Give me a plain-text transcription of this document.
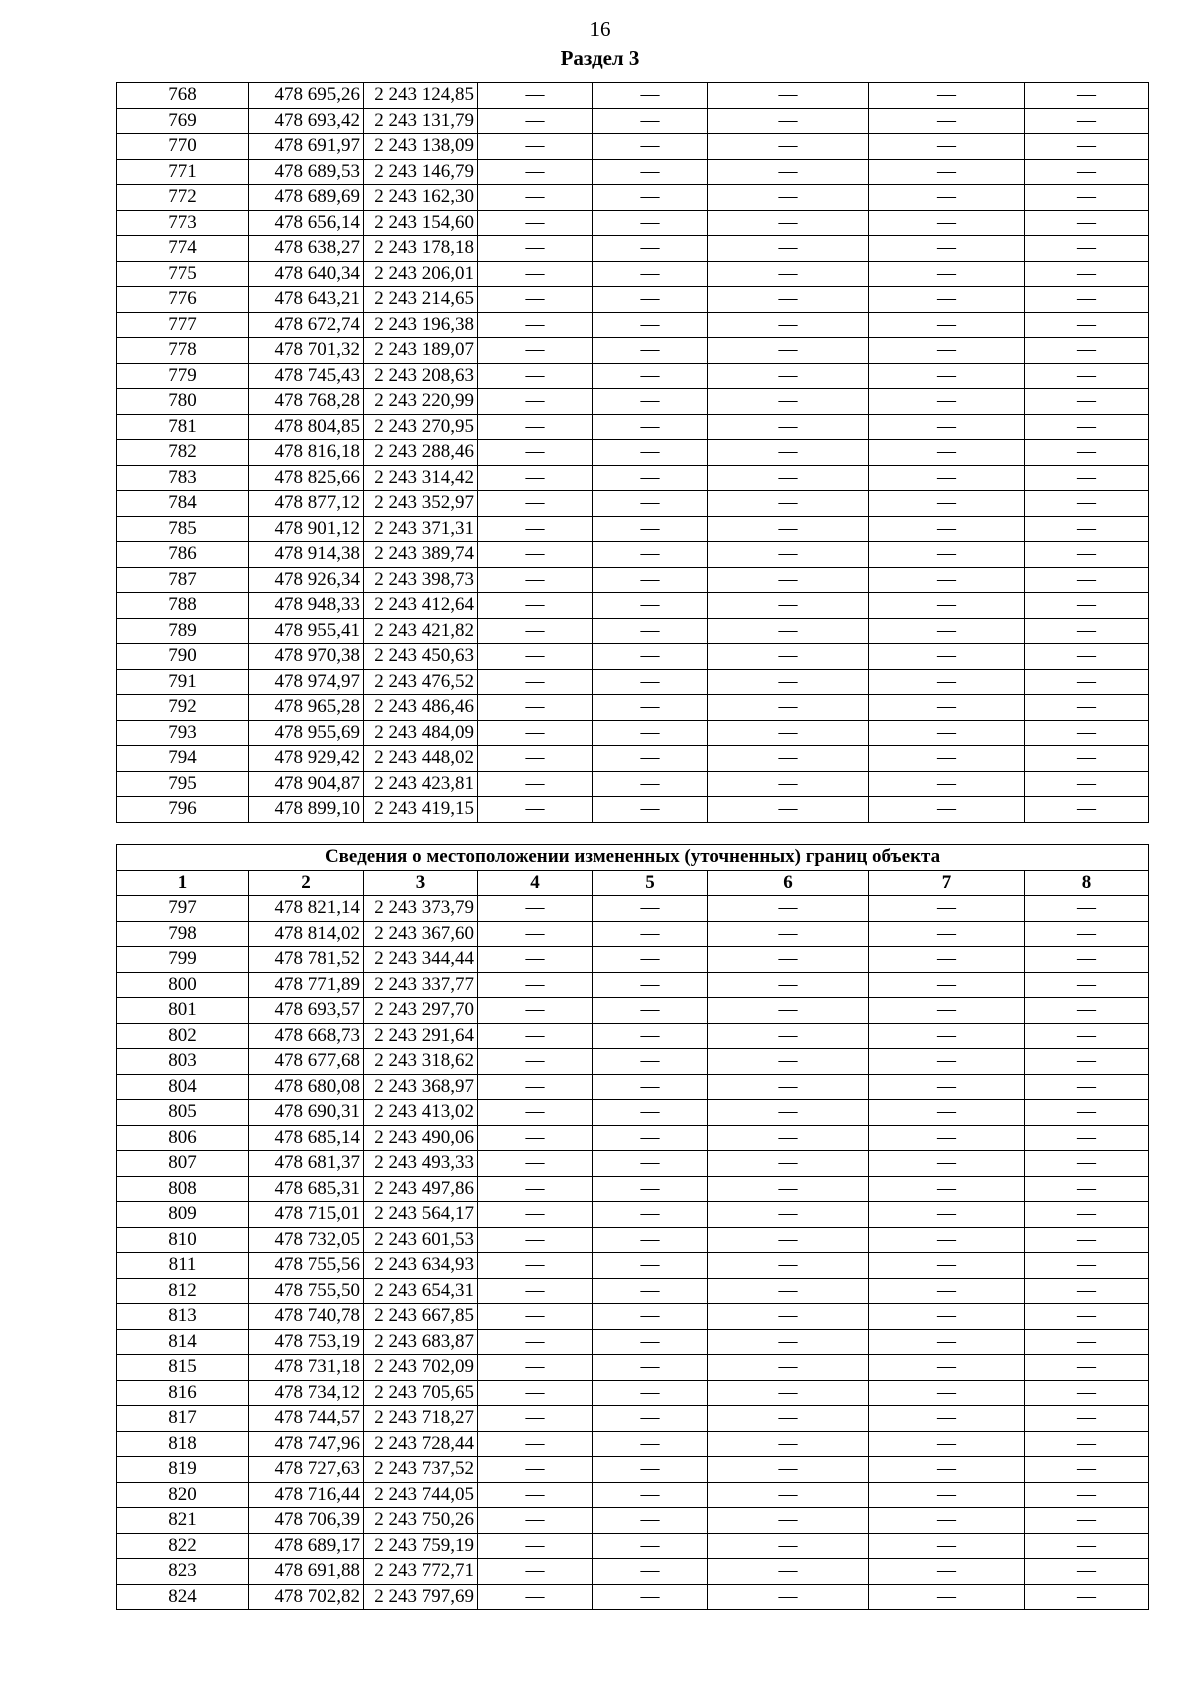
16
Раздел 3
768	478 695,26	2 243 124,85	—	—	—	—	—
769	478 693,42	2 243 131,79	—	—	—	—	—
770	478 691,97	2 243 138,09	—	—	—	—	—
771	478 689,53	2 243 146,79	—	—	—	—	—
772	478 689,69	2 243 162,30	—	—	—	—	—
773	478 656,14	2 243 154,60	—	—	—	—	—
774	478 638,27	2 243 178,18	—	—	—	—	—
775	478 640,34	2 243 206,01	—	—	—	—	—
776	478 643,21	2 243 214,65	—	—	—	—	—
777	478 672,74	2 243 196,38	—	—	—	—	—
778	478 701,32	2 243 189,07	—	—	—	—	—
779	478 745,43	2 243 208,63	—	—	—	—	—
780	478 768,28	2 243 220,99	—	—	—	—	—
781	478 804,85	2 243 270,95	—	—	—	—	—
782	478 816,18	2 243 288,46	—	—	—	—	—
783	478 825,66	2 243 314,42	—	—	—	—	—
784	478 877,12	2 243 352,97	—	—	—	—	—
785	478 901,12	2 243 371,31	—	—	—	—	—
786	478 914,38	2 243 389,74	—	—	—	—	—
787	478 926,34	2 243 398,73	—	—	—	—	—
788	478 948,33	2 243 412,64	—	—	—	—	—
789	478 955,41	2 243 421,82	—	—	—	—	—
790	478 970,38	2 243 450,63	—	—	—	—	—
791	478 974,97	2 243 476,52	—	—	—	—	—
792	478 965,28	2 243 486,46	—	—	—	—	—
793	478 955,69	2 243 484,09	—	—	—	—	—
794	478 929,42	2 243 448,02	—	—	—	—	—
795	478 904,87	2 243 423,81	—	—	—	—	—
796	478 899,10	2 243 419,15	—	—	—	—	—
Сведения о местоположении измененных (уточненных) границ объекта							
1	2	3	4	5	6	7	8
797	478 821,14	2 243 373,79	—	—	—	—	—
798	478 814,02	2 243 367,60	—	—	—	—	—
799	478 781,52	2 243 344,44	—	—	—	—	—
800	478 771,89	2 243 337,77	—	—	—	—	—
801	478 693,57	2 243 297,70	—	—	—	—	—
802	478 668,73	2 243 291,64	—	—	—	—	—
803	478 677,68	2 243 318,62	—	—	—	—	—
804	478 680,08	2 243 368,97	—	—	—	—	—
805	478 690,31	2 243 413,02	—	—	—	—	—
806	478 685,14	2 243 490,06	—	—	—	—	—
807	478 681,37	2 243 493,33	—	—	—	—	—
808	478 685,31	2 243 497,86	—	—	—	—	—
809	478 715,01	2 243 564,17	—	—	—	—	—
810	478 732,05	2 243 601,53	—	—	—	—	—
811	478 755,56	2 243 634,93	—	—	—	—	—
812	478 755,50	2 243 654,31	—	—	—	—	—
813	478 740,78	2 243 667,85	—	—	—	—	—
814	478 753,19	2 243 683,87	—	—	—	—	—
815	478 731,18	2 243 702,09	—	—	—	—	—
816	478 734,12	2 243 705,65	—	—	—	—	—
817	478 744,57	2 243 718,27	—	—	—	—	—
818	478 747,96	2 243 728,44	—	—	—	—	—
819	478 727,63	2 243 737,52	—	—	—	—	—
820	478 716,44	2 243 744,05	—	—	—	—	—
821	478 706,39	2 243 750,26	—	—	—	—	—
822	478 689,17	2 243 759,19	—	—	—	—	—
823	478 691,88	2 243 772,71	—	—	—	—	—
824	478 702,82	2 243 797,69	—	—	—	—	—
